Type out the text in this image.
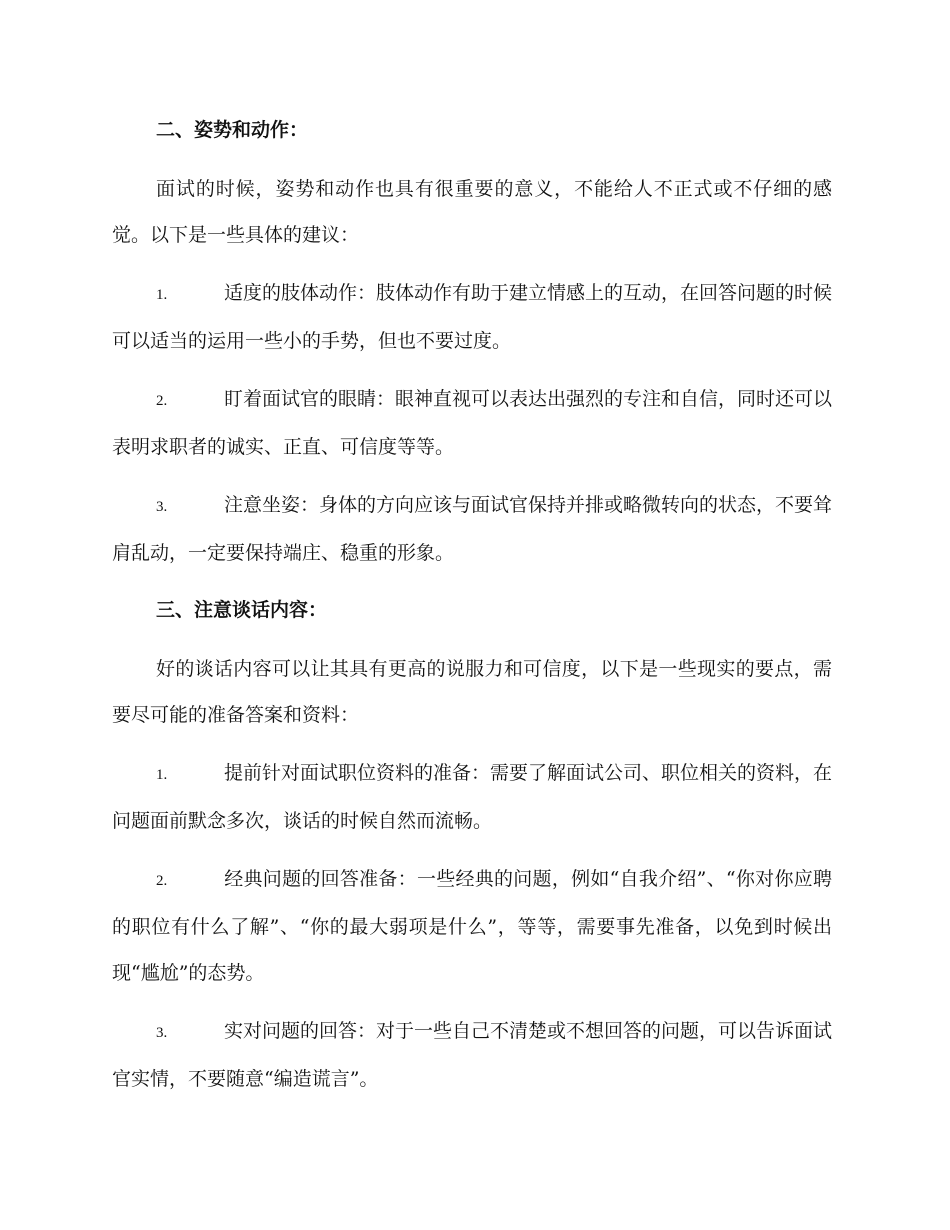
二、姿势和动作：

面试的时候，姿势和动作也具有很重要的意义，不能给人不正式或不仔细的感觉。以下是一些具体的建议：

1.	适度的肢体动作：肢体动作有助于建立情感上的互动，在回答问题的时候可以适当的运用一些小的手势，但也不要过度。

2.	盯着面试官的眼睛：眼神直视可以表达出强烈的专注和自信，同时还可以表明求职者的诚实、正直、可信度等等。

3.	注意坐姿：身体的方向应该与面试官保持并排或略微转向的状态，不要耸肩乱动，一定要保持端庄、稳重的形象。

三、注意谈话内容：

好的谈话内容可以让其具有更高的说服力和可信度，以下是一些现实的要点，需要尽可能的准备答案和资料：

1.	提前针对面试职位资料的准备：需要了解面试公司、职位相关的资料，在问题面前默念多次，谈话的时候自然而流畅。

2.	经典问题的回答准备：一些经典的问题，例如“自我介绍”、“你对你应聘的职位有什么了解”、“你的最大弱项是什么”，等等，需要事先准备，以免到时候出现“尴尬”的态势。

3.	实对问题的回答：对于一些自己不清楚或不想回答的问题，可以告诉面试官实情，不要随意“编造谎言”。
